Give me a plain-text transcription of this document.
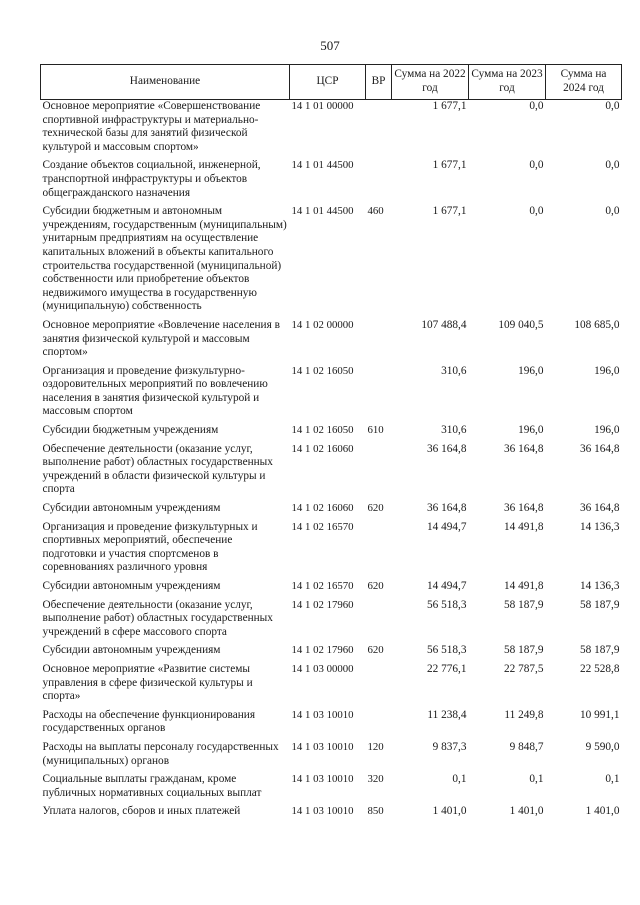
507
Наименование	ЦСР	ВР	Сумма на 2022 год	Сумма на 2023 год	Сумма на 2024 год
Основное мероприятие «Совершенствование спортивной инфраструктуры и материально-технической базы для занятий физической культурой и массовым спортом»	14 1 01 00000		1 677,1	0,0	0,0
Создание объектов социальной, инженерной, транспортной инфраструктуры и объектов общегражданского назначения	14 1 01 44500		1 677,1	0,0	0,0
Субсидии бюджетным и автономным учреждениям, государственным (муниципальным) унитарным предприятиям на осуществление капитальных вложений в объекты капитального строительства государственной (муниципальной) собственности или приобретение объектов недвижимого имущества в государственную (муниципальную) собственность	14 1 01 44500	460	1 677,1	0,0	0,0
Основное мероприятие «Вовлечение населения в занятия физической культурой и массовым спортом»	14 1 02 00000		107 488,4	109 040,5	108 685,0
Организация и проведение физкультурно-оздоровительных мероприятий по вовлечению населения в занятия физической культурой и массовым спортом	14 1 02 16050		310,6	196,0	196,0
Субсидии бюджетным учреждениям	14 1 02 16050	610	310,6	196,0	196,0
Обеспечение деятельности (оказание услуг, выполнение работ) областных государственных учреждений в области физической культуры и спорта	14 1 02 16060		36 164,8	36 164,8	36 164,8
Субсидии автономным учреждениям	14 1 02 16060	620	36 164,8	36 164,8	36 164,8
Организация и проведение физкультурных и спортивных мероприятий, обеспечение подготовки и участия спортсменов в соревнованиях различного уровня	14 1 02 16570		14 494,7	14 491,8	14 136,3
Субсидии автономным учреждениям	14 1 02 16570	620	14 494,7	14 491,8	14 136,3
Обеспечение деятельности (оказание услуг, выполнение работ) областных государственных учреждений в сфере массового спорта	14 1 02 17960		56 518,3	58 187,9	58 187,9
Субсидии автономным учреждениям	14 1 02 17960	620	56 518,3	58 187,9	58 187,9
Основное мероприятие «Развитие системы управления в сфере физической культуры и спорта»	14 1 03 00000		22 776,1	22 787,5	22 528,8
Расходы на обеспечение функционирования государственных органов	14 1 03 10010		11 238,4	11 249,8	10 991,1
Расходы на выплаты персоналу государственных (муниципальных) органов	14 1 03 10010	120	9 837,3	9 848,7	9 590,0
Социальные выплаты гражданам, кроме публичных нормативных социальных выплат	14 1 03 10010	320	0,1	0,1	0,1
Уплата налогов, сборов и иных платежей	14 1 03 10010	850	1 401,0	1 401,0	1 401,0
